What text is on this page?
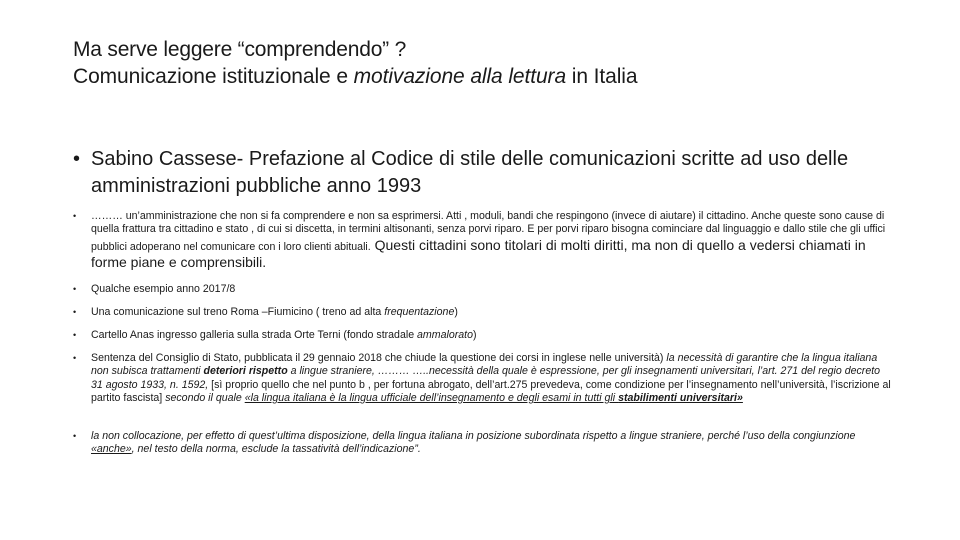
Ma serve leggere “comprendendo” ?
Comunicazione istituzionale e motivazione alla lettura in Italia
• Sabino Cassese- Prefazione al Codice di stile delle comunicazioni scritte ad uso delle amministrazioni pubbliche anno 1993
• ……… un’amministrazione che non si fa comprendere e non sa esprimersi. Atti , moduli, bandi che respingono (invece di aiutare) il cittadino. Anche queste sono cause di quella frattura tra cittadino e stato , di cui si discetta, in termini altisonanti, senza porvi riparo. E per porvi riparo bisogna cominciare dal linguaggio e dallo stile che gli uffici pubblici adoperano nel comunicare con i loro clienti abituali. Questi cittadini sono titolari di molti diritti, ma non di quello a vedersi chiamati in forme piane e comprensibili.
• Qualche esempio anno 2017/8
• Una comunicazione sul treno Roma –Fiumicino ( treno ad alta frequentazione)
• Cartello Anas ingresso galleria sulla strada Orte Terni (fondo stradale ammalorato)
• Sentenza del Consiglio di Stato, pubblicata il 29 gennaio 2018 che chiude la questione dei corsi in inglese nelle università) la necessità di garantire che la lingua italiana non subisca trattamenti deteriori rispetto a lingue straniere, ……… …..necessità della quale è espressione, per gli insegnamenti universitari, l’art. 271 del regio decreto 31 agosto 1933, n. 1592, [sì proprio quello che nel punto b , per fortuna abrogato, dell’art.275 prevedeva, come condizione per l’insegnamento nell’università, l’iscrizione al partito fascista] secondo il quale «la lingua italiana è la lingua ufficiale dell’insegnamento e degli esami in tutti gli stabilimenti universitari»
• la non collocazione, per effetto di quest’ultima disposizione, della lingua italiana in posizione subordinata rispetto a lingue straniere, perché l’uso della congiunzione «anche», nel testo della norma, esclude la tassatività dell’indicazione”.
